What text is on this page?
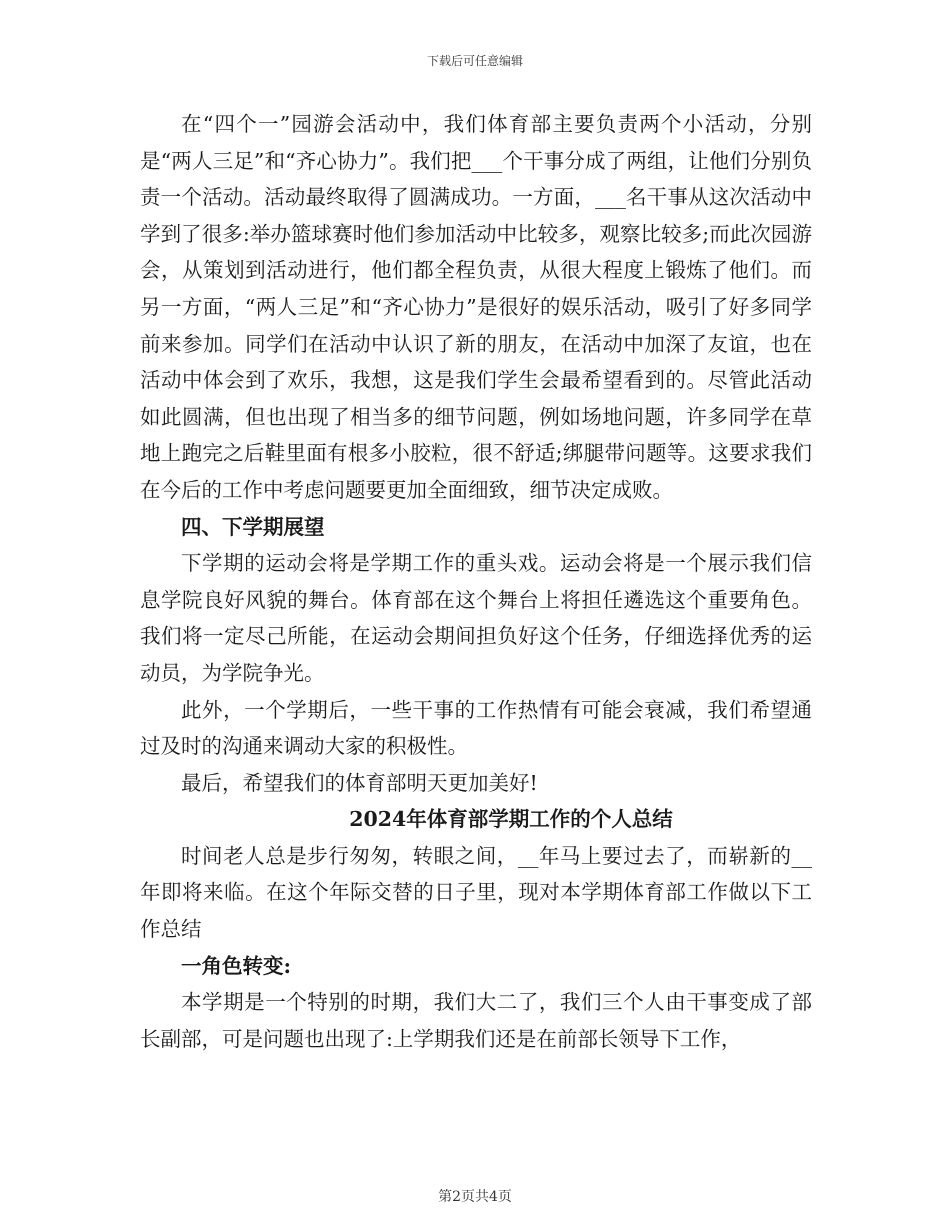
下载后可任意编辑

在“四个一”园游会活动中，我们体育部主要负责两个小活动，分别是“两人三足”和“齐心协力”。我们把___个干事分成了两组，让他们分别负责一个活动。活动最终取得了圆满成功。一方面，___名干事从这次活动中学到了很多:举办篮球赛时他们参加活动中比较多，观察比较多;而此次园游会，从策划到活动进行，他们都全程负责，从很大程度上锻炼了他们。而另一方面，“两人三足”和“齐心协力”是很好的娱乐活动，吸引了好多同学前来参加。同学们在活动中认识了新的朋友，在活动中加深了友谊，也在活动中体会到了欢乐，我想，这是我们学生会最希望看到的。尽管此活动如此圆满，但也出现了相当多的细节问题，例如场地问题，许多同学在草地上跑完之后鞋里面有根多小胶粒，很不舒适;绑腿带问题等。这要求我们在今后的工作中考虑问题要更加全面细致，细节决定成败。

四、下学期展望

下学期的运动会将是学期工作的重头戏。运动会将是一个展示我们信息学院良好风貌的舞台。体育部在这个舞台上将担任遴选这个重要角色。我们将一定尽己所能，在运动会期间担负好这个任务，仔细选择优秀的运动员，为学院争光。

此外，一个学期后，一些干事的工作热情有可能会衰减，我们希望通过及时的沟通来调动大家的积极性。

最后，希望我们的体育部明天更加美好!

2024年体育部学期工作的个人总结

时间老人总是步行匆匆，转眼之间，__年马上要过去了，而崭新的__年即将来临。在这个年际交替的日子里，现对本学期体育部工作做以下工作总结

一角色转变:

本学期是一个特别的时期，我们大二了，我们三个人由干事变成了部长副部，可是问题也出现了:上学期我们还是在前部长领导下工作，

第2页共4页
